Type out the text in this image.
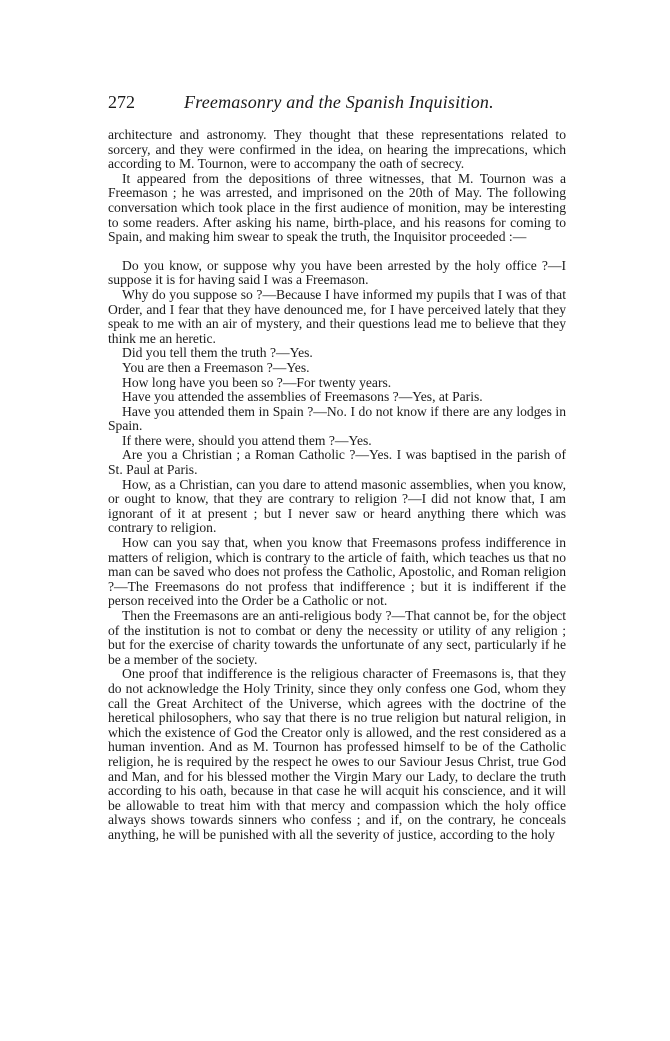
272	Freemasonry and the Spanish Inquisition.

architecture and astronomy. They thought that these representations related to sorcery, and they were confirmed in the idea, on hearing the imprecations, which according to M. Tournon, were to accompany the oath of secrecy.

It appeared from the depositions of three witnesses, that M. Tournon was a Freemason ; he was arrested, and imprisoned on the 20th of May. The following conversation which took place in the first audience of monition, may be interesting to some readers. After asking his name, birth-place, and his reasons for coming to Spain, and making him swear to speak the truth, the Inquisitor proceeded :—

Do you know, or suppose why you have been arrested by the holy office ?—I suppose it is for having said I was a Freemason.

Why do you suppose so ?—Because I have informed my pupils that I was of that Order, and I fear that they have denounced me, for I have perceived lately that they speak to me with an air of mystery, and their questions lead me to believe that they think me an heretic.

Did you tell them the truth ?—Yes.

You are then a Freemason ?—Yes.

How long have you been so ?—For twenty years.

Have you attended the assemblies of Freemasons ?—Yes, at Paris.

Have you attended them in Spain ?—No. I do not know if there are any lodges in Spain.

If there were, should you attend them ?—Yes.

Are you a Christian ; a Roman Catholic ?—Yes. I was baptised in the parish of St. Paul at Paris.

How, as a Christian, can you dare to attend masonic assemblies, when you know, or ought to know, that they are contrary to religion ?—I did not know that, I am ignorant of it at present ; but I never saw or heard anything there which was contrary to religion.

How can you say that, when you know that Freemasons profess indifference in matters of religion, which is contrary to the article of faith, which teaches us that no man can be saved who does not profess the Catholic, Apostolic, and Roman religion ?—The Freemasons do not profess that indifference ; but it is indifferent if the person received into the Order be a Catholic or not.

Then the Freemasons are an anti-religious body ?—That cannot be, for the object of the institution is not to combat or deny the necessity or utility of any religion ; but for the exercise of charity towards the unfortunate of any sect, particularly if he be a member of the society.

One proof that indifference is the religious character of Freemasons is, that they do not acknowledge the Holy Trinity, since they only confess one God, whom they call the Great Architect of the Universe, which agrees with the doctrine of the heretical philosophers, who say that there is no true religion but natural religion, in which the existence of God the Creator only is allowed, and the rest considered as a human invention. And as M. Tournon has professed himself to be of the Catholic religion, he is required by the respect he owes to our Saviour Jesus Christ, true God and Man, and for his blessed mother the Virgin Mary our Lady, to declare the truth according to his oath, because in that case he will acquit his conscience, and it will be allowable to treat him with that mercy and compassion which the holy office always shows towards sinners who confess ; and if, on the contrary, he conceals anything, he will be punished with all the severity of justice, according to the holy
